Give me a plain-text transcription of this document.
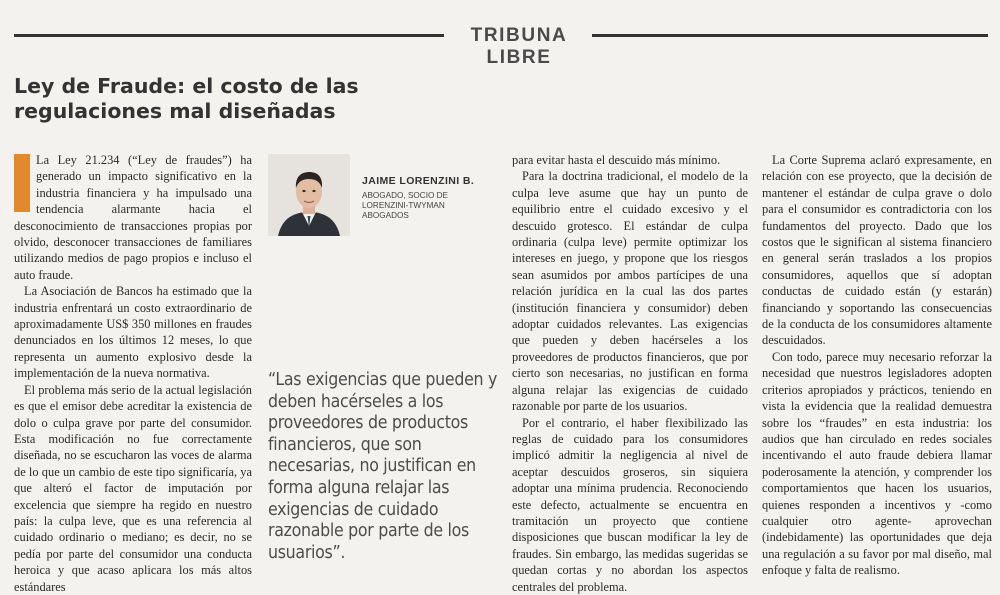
TRIBUNA LIBRE
Ley de Fraude: el costo de las regulaciones mal diseñadas

La Ley 21.234 (“Ley de fraudes”) ha generado un impacto significativo en la industria financiera y ha impulsado una tendencia alarmante hacia el desconocimiento de transacciones propias por olvido, desconocer transacciones de familiares utilizando medios de pago propios e incluso el auto fraude.

La Asociación de Bancos ha estimado que la industria enfrentará un costo extraordinario de aproximadamente US$ 350 millones en fraudes denunciados en los últimos 12 meses, lo que representa un aumento explosivo desde la implementación de la nueva normativa.

El problema más serio de la actual legislación es que el emisor debe acreditar la existencia de dolo o culpa grave por parte del consumidor. Esta modificación no fue correctamente diseñada, no se escucharon las voces de alarma de lo que un cambio de este tipo significaría, ya que alteró el factor de imputación por excelencia que siempre ha regido en nuestro país: la culpa leve, que es una referencia al cuidado ordinario o mediano; es decir, no se pedía por parte del consumidor una conducta heroica y que acaso aplicara los más altos estándares

JAIME LORENZINI B.

ABOGADO, SOCIO DE LORENZINI-TWYMAN ABOGADOS

“Las exigencias que pueden y deben hacérseles a los proveedores de productos financieros, que son necesarias, no justifican en forma alguna relajar las exigencias de cuidado razonable por parte de los usuarios”.

para evitar hasta el descuido más mínimo.

Para la doctrina tradicional, el modelo de la culpa leve asume que hay un punto de equilibrio entre el cuidado excesivo y el descuido grotesco. El estándar de culpa ordinaria (culpa leve) permite optimizar los intereses en juego, y propone que los riesgos sean asumidos por ambos partícipes de una relación jurídica en la cual las dos partes (institución financiera y consumidor) deben adoptar cuidados relevantes. Las exigencias que pueden y deben hacérseles a los proveedores de productos financieros, que por cierto son necesarias, no justifican en forma alguna relajar las exigencias de cuidado razonable por parte de los usuarios.

Por el contrario, el haber flexibilizado las reglas de cuidado para los consumidores implicó admitir la negligencia al nivel de aceptar descuidos groseros, sin siquiera adoptar una mínima prudencia. Reconociendo este defecto, actualmente se encuentra en tramitación un proyecto que contiene disposiciones que buscan modificar la ley de fraudes. Sin embargo, las medidas sugeridas se quedan cortas y no abordan los aspectos centrales del problema.

La Corte Suprema aclaró expresamente, en relación con ese proyecto, que la decisión de mantener el estándar de culpa grave o dolo para el consumidor es contradictoria con los fundamentos del proyecto. Dado que los costos que le significan al sistema financiero en general serán traslados a los propios consumidores, aquellos que sí adoptan conductas de cuidado están (y estarán) financiando y soportando las consecuencias de la conducta de los consumidores altamente descuidados.

Con todo, parece muy necesario reforzar la necesidad que nuestros legisladores adopten criterios apropiados y prácticos, teniendo en vista la evidencia que la realidad demuestra sobre los “fraudes” en esta industria: los audios que han circulado en redes sociales incentivando el auto fraude debiera llamar poderosamente la atención, y comprender los comportamientos que hacen los usuarios, quienes responden a incentivos y -como cualquier otro agente- aprovechan (indebidamente) las oportunidades que deja una regulación a su favor por mal diseño, mal enfoque y falta de realismo.
